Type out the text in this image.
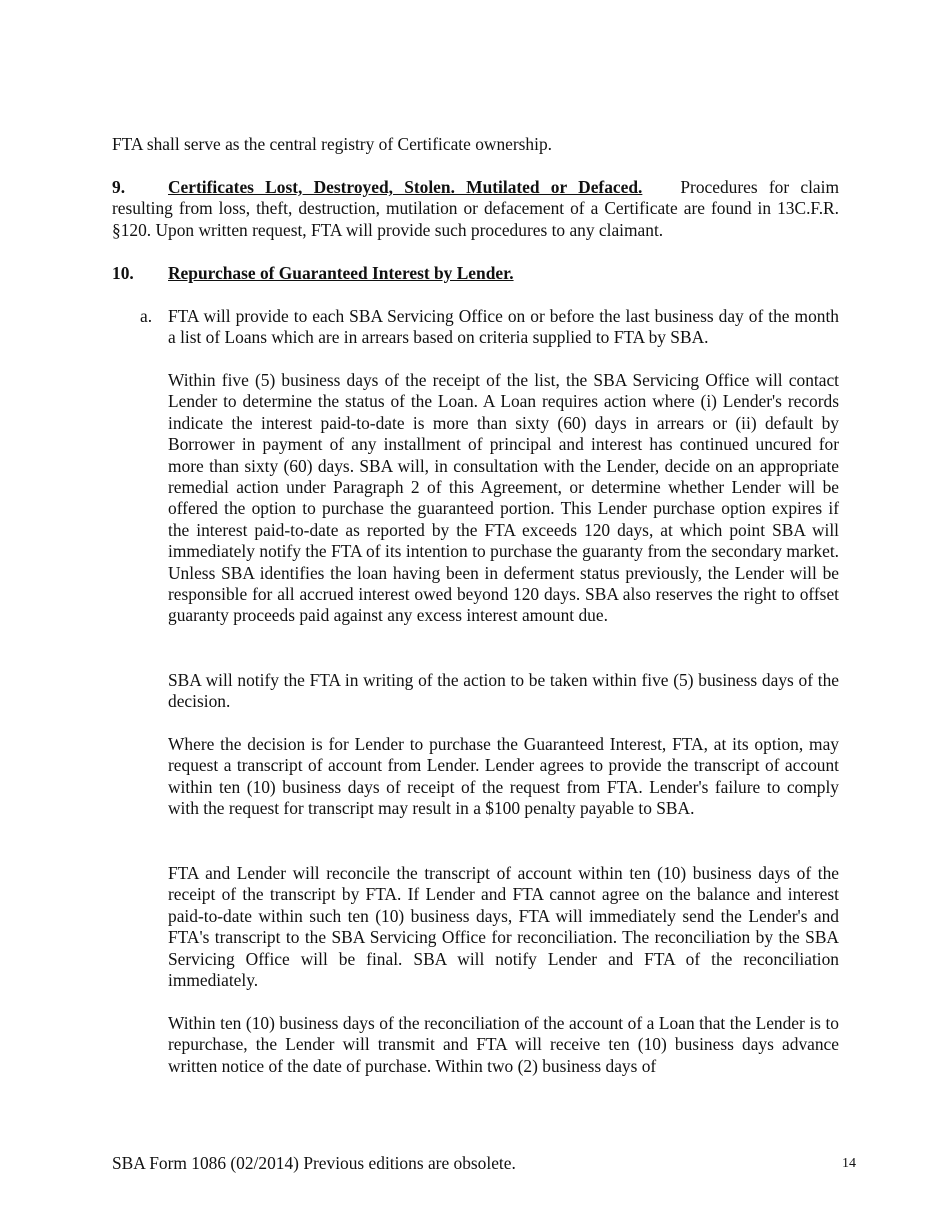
FTA shall serve as the central registry of Certificate ownership.

9. Certificates Lost, Destroyed, Stolen. Mutilated or Defaced. Procedures for claim resulting from loss, theft, destruction, mutilation or defacement of a Certificate are found in 13C.F.R. §120. Upon written request, FTA will provide such procedures to any claimant.

10. Repurchase of Guaranteed Interest by Lender.

a. FTA will provide to each SBA Servicing Office on or before the last business day of the month a list of Loans which are in arrears based on criteria supplied to FTA by SBA.

Within five (5) business days of the receipt of the list, the SBA Servicing Office will contact Lender to determine the status of the Loan. A Loan requires action where (i) Lender's records indicate the interest paid-to-date is more than sixty (60) days in arrears or (ii) default by Borrower in payment of any installment of principal and interest has continued uncured for more than sixty (60) days. SBA will, in consultation with the Lender, decide on an appropriate remedial action under Paragraph 2 of this Agreement, or determine whether Lender will be offered the option to purchase the guaranteed portion. This Lender purchase option expires if the interest paid-to-date as reported by the FTA exceeds 120 days, at which point SBA will immediately notify the FTA of its intention to purchase the guaranty from the secondary market. Unless SBA identifies the loan having been in deferment status previously, the Lender will be responsible for all accrued interest owed beyond 120 days. SBA also reserves the right to offset guaranty proceeds paid against any excess interest amount due.

SBA will notify the FTA in writing of the action to be taken within five (5) business days of the decision.

Where the decision is for Lender to purchase the Guaranteed Interest, FTA, at its option, may request a transcript of account from Lender. Lender agrees to provide the transcript of account within ten (10) business days of receipt of the request from FTA. Lender's failure to comply with the request for transcript may result in a $100 penalty payable to SBA.

FTA and Lender will reconcile the transcript of account within ten (10) business days of the receipt of the transcript by FTA. If Lender and FTA cannot agree on the balance and interest paid-to-date within such ten (10) business days, FTA will immediately send the Lender's and FTA's transcript to the SBA Servicing Office for reconciliation. The reconciliation by the SBA Servicing Office will be final. SBA will notify Lender and FTA of the reconciliation immediately.

Within ten (10) business days of the reconciliation of the account of a Loan that the Lender is to repurchase, the Lender will transmit and FTA will receive ten (10) business days advance written notice of the date of purchase. Within two (2) business days of

SBA Form 1086 (02/2014) Previous editions are obsolete.	14
